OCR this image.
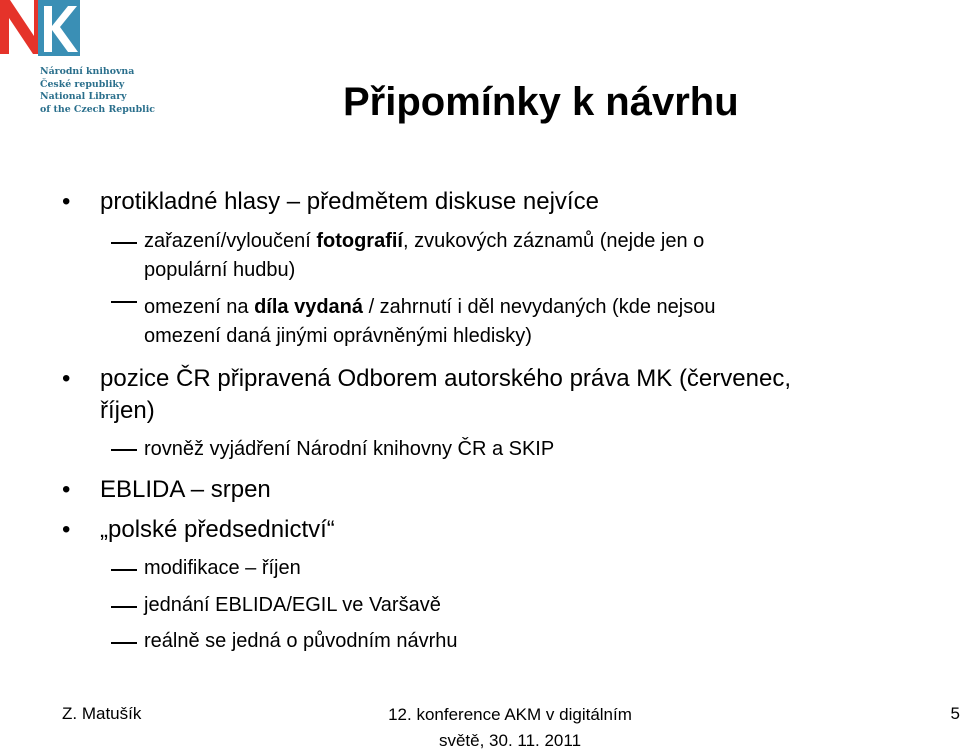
Národní knihovna
České republiky
National Library
of the Czech Republic	Připomínky k návrhu
• protikladné hlasy – předmětem diskuse nejvíce
zařazení/vyloučení fotografií, zvukových záznamů (nejde jen o
populární hudbu)
omezení na díla vydaná / zahrnutí i děl nevydaných (kde nejsou
omezení daná jinými oprávněnými hledisky)
• pozice ČR připravená Odborem autorského práva MK (červenec,
říjen)
rovněž vyjádření Národní knihovny ČR a SKIP
• EBLIDA – srpen
• „polské předsednictví“
modifikace – říjen
jednání EBLIDA/EGIL ve Varšavě
reálně se jedná o původním návrhu
Z. Matušík	12. konference AKM v digitálním
světě, 30. 11. 2011
5
